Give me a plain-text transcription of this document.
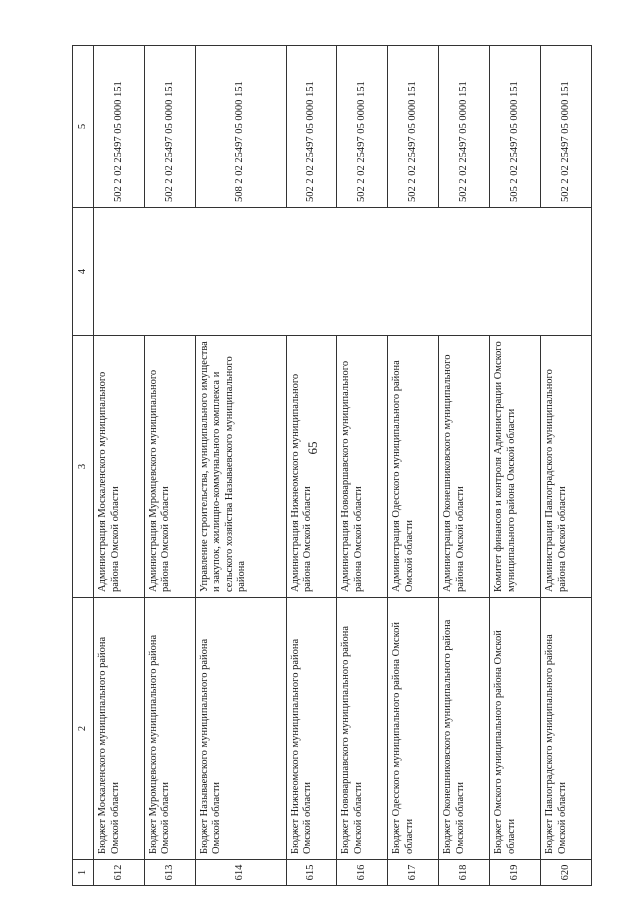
65
1	2	3	4	5
612	Бюджет Москаленского муниципального района Омской области	Администрация Москаленского муниципального района Омской области		502 2 02 25497 05 0000 151
613	Бюджет Муромцевского муниципального района Омской области	Администрация Муромцевского муниципального района Омской области		502 2 02 25497 05 0000 151
614	Бюджет Называевского муниципального района Омской области	Управление строительства, муниципального имущества и закупок, жилищно-коммунального комплекса и сельского хозяйства Называевского муниципального района		508 2 02 25497 05 0000 151
615	Бюджет Нижнеомского муниципального района Омской области	Администрация Нижнеомского муниципального района Омской области		502 2 02 25497 05 0000 151
616	Бюджет Нововаршавского муниципального района Омской области	Администрация Нововаршавского муниципального района Омской области		502 2 02 25497 05 0000 151
617	Бюджет Одесского муниципального района Омской области	Администрация Одесского муниципального района Омской области		502 2 02 25497 05 0000 151
618	Бюджет Оконешниковского муниципального района Омской области	Администрация Оконешниковского муниципального района Омской области		502 2 02 25497 05 0000 151
619	Бюджет Омского муниципального района Омской области	Комитет финансов и контроля Администрации Омского муниципального района Омской области		505 2 02 25497 05 0000 151
620	Бюджет Павлоградского муниципального района Омской области	Администрация Павлоградского муниципального района Омской области		502 2 02 25497 05 0000 151
